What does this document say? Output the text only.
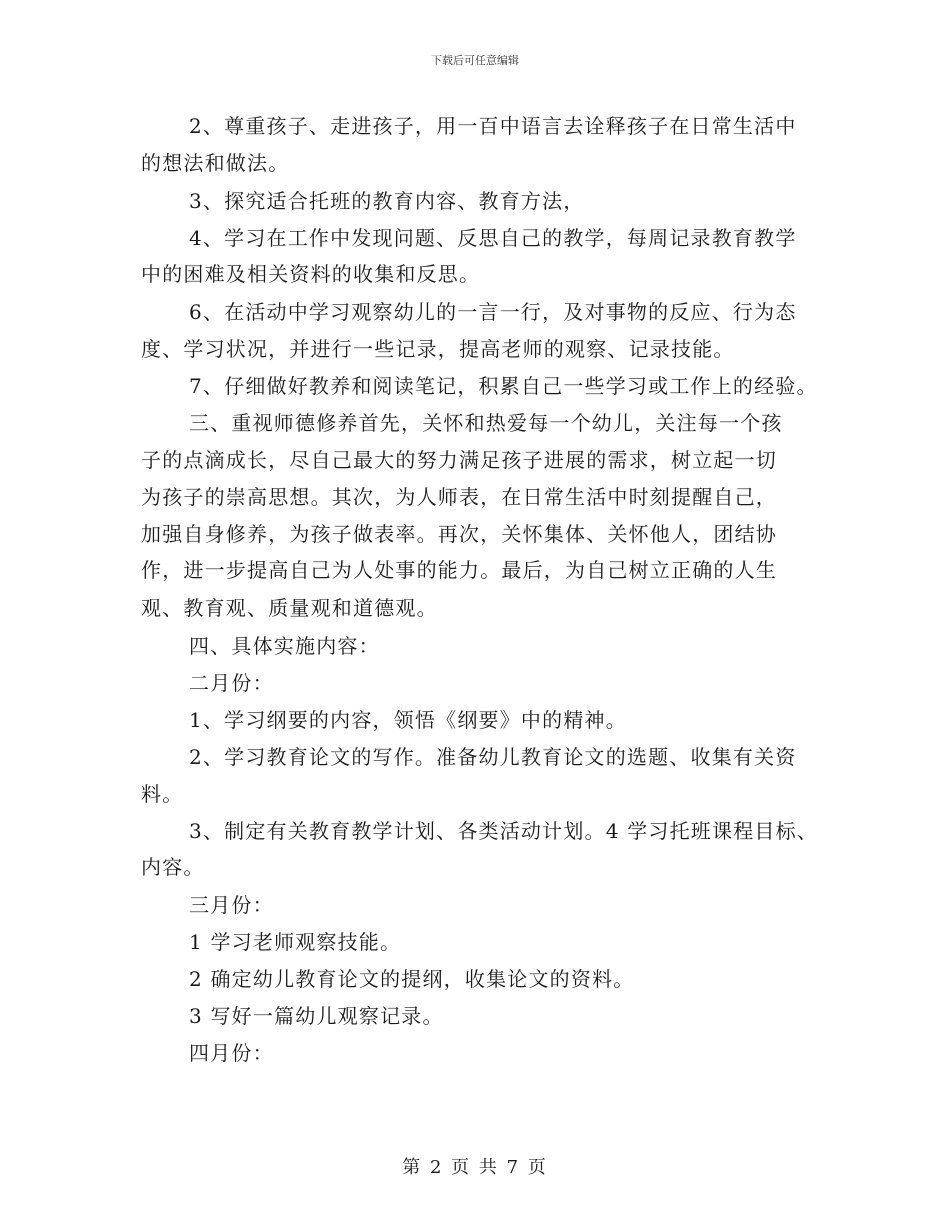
下载后可任意编辑
2、尊重孩子、走进孩子，用一百中语言去诠释孩子在日常生活中
的想法和做法。
3、探究适合托班的教育内容、教育方法，
4、学习在工作中发现问题、反思自己的教学，每周记录教育教学
中的困难及相关资料的收集和反思。
6、在活动中学习观察幼儿的一言一行，及对事物的反应、行为态
度、学习状况，并进行一些记录，提高老师的观察、记录技能。
7、仔细做好教养和阅读笔记，积累自己一些学习或工作上的经验。
三、重视师德修养首先，关怀和热爱每一个幼儿，关注每一个孩
子的点滴成长，尽自己最大的努力满足孩子进展的需求，树立起一切
为孩子的崇高思想。其次，为人师表，在日常生活中时刻提醒自己，
加强自身修养，为孩子做表率。再次，关怀集体、关怀他人，团结协
作，进一步提高自己为人处事的能力。最后，为自己树立正确的人生
观、教育观、质量观和道德观。
四、具体实施内容：
二月份：
1、学习纲要的内容，领悟《纲要》中的精神。
2、学习教育论文的写作。准备幼儿教育论文的选题、收集有关资
料。
3、制定有关教育教学计划、各类活动计划。4 学习托班课程目标、
内容。
三月份：
1 学习老师观察技能。
2 确定幼儿教育论文的提纲，收集论文的资料。
3 写好一篇幼儿观察记录。
四月份：
第 2 页 共 7 页
